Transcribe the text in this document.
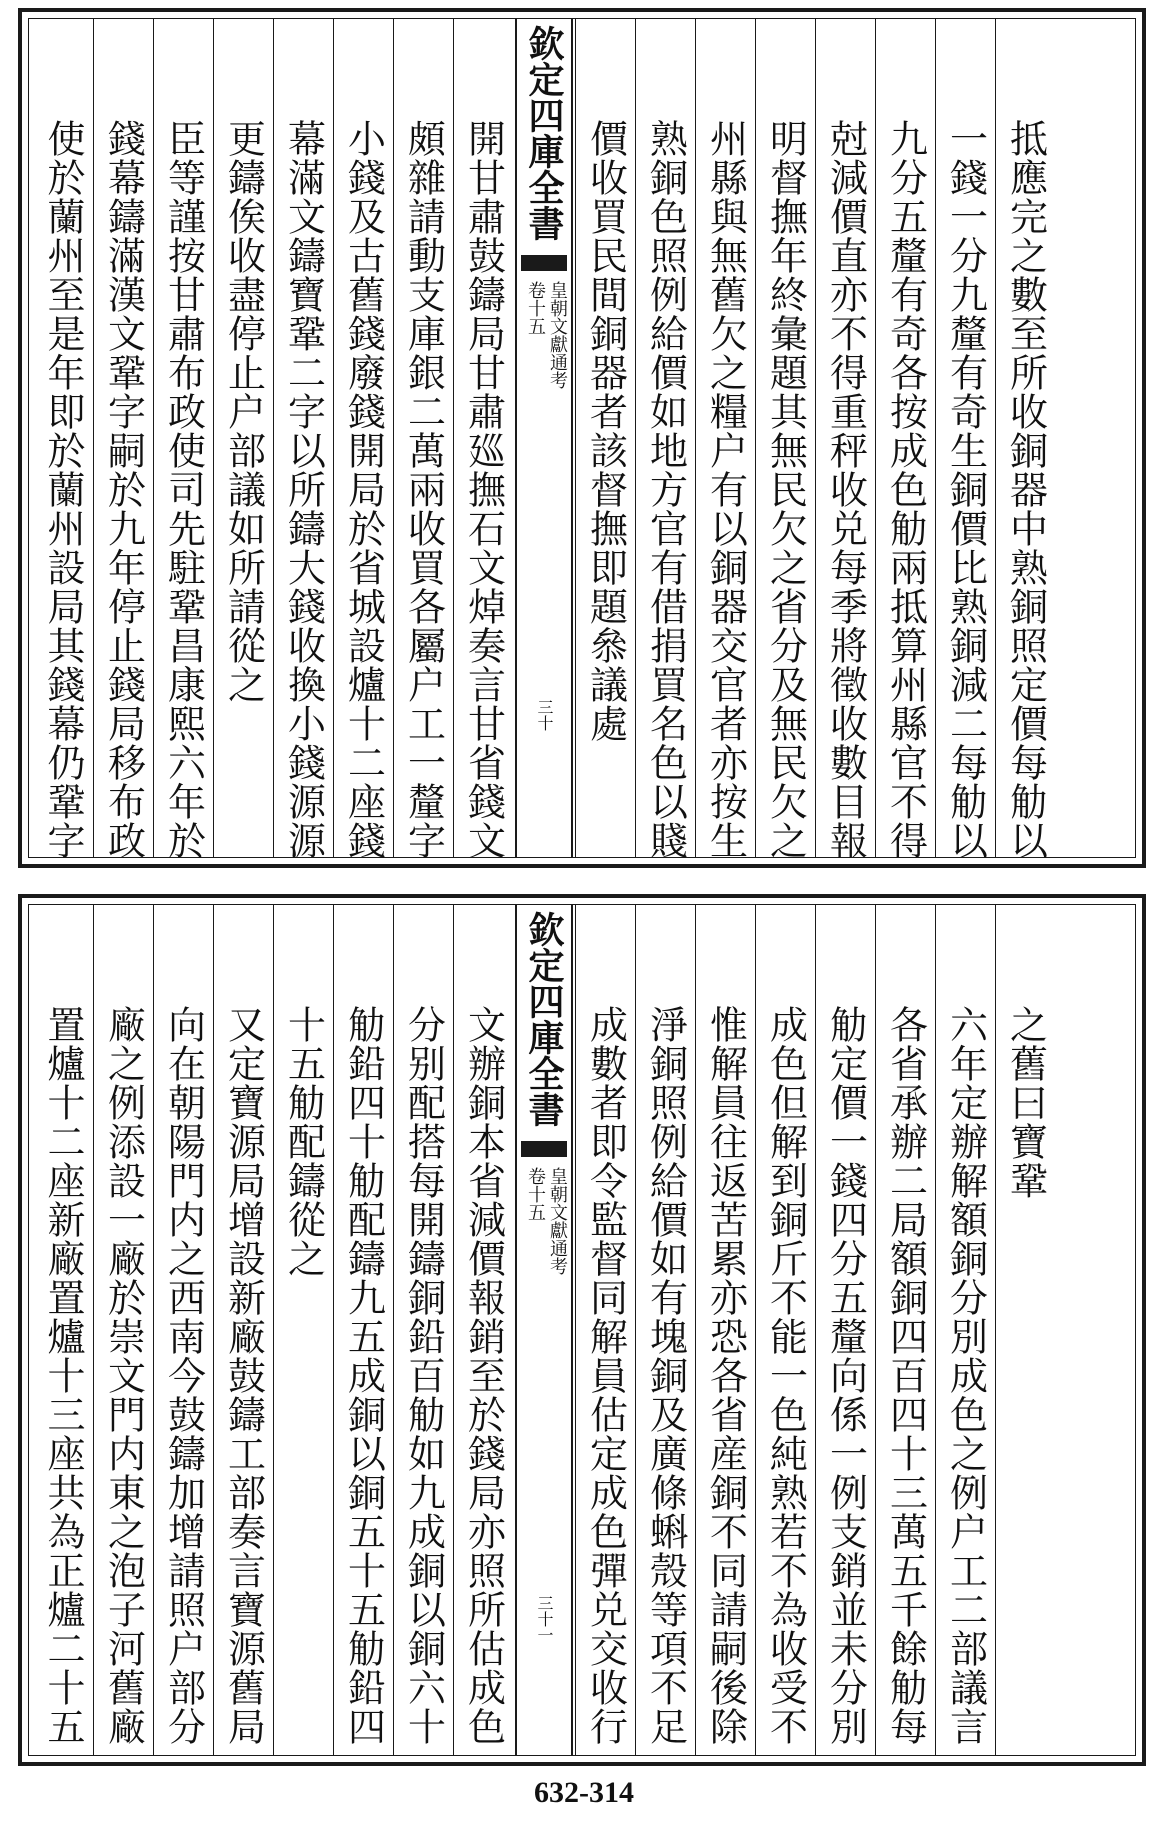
使於蘭州至是年即於蘭州設局其錢幕仍鞏字 錢幕鑄滿漢文鞏字嗣於九年停止錢局移布政 臣等謹按甘肅布政使司先駐鞏昌康熙六年於 更鑄俟收盡停止户部議如所請從之 幕滿文鑄寶鞏二字以所鑄大錢收換小錢源源 小錢及古舊錢廢錢開局於省城設爐十二座錢 頗雜請動支庫銀二萬兩收買各屬户工一釐字 開甘肅鼓鑄局甘肅廵撫石文焯奏言甘省錢文 欽定四庫全書
皇朝文獻通考
卷十五
三十 價收買民間銅器者該督撫即題叅議處 熟銅色照例給價如地方官有借捐買名色以賤 州縣與無舊欠之糧户有以銅器交官者亦按生 明督撫年終彙題其無民欠之省分及無民欠之 尅減價直亦不得重秤收兑每季將徵收數目報 九分五釐有奇各按成色觔兩抵算州縣官不得 一錢一分九釐有奇生銅價比熟銅減二每觔以 抵應完之數至所收銅器中熟銅照定價每觔以
置爐十二座新廠置爐十三座共為正爐二十五 廠之例添設一廠於崇文門内東之泡子河舊廠 向在朝陽門内之西南今鼓鑄加增請照户部分 又定寶源局增設新廠鼓鑄工部奏言寶源舊局 十五觔配鑄從之 觔鉛四十觔配鑄九五成銅以銅五十五觔鉛四 分别配搭每開鑄銅鉛百觔如九成銅以銅六十 文辦銅本省減價報銷至於錢局亦照所估成色 欽定四庫全書
皇朝文獻通考
卷十五
三十一 成數者即令監督同解員估定成色彈兑交收行 淨銅照例給價如有塊銅及廣條蝌殼等項不足 惟解員往返苦累亦恐各省産銅不同請嗣後除 成色但解到銅斤不能一色純熟若不為收受不 觔定價一錢四分五釐向係一例支銷並未分別 各省承辦二局額銅四百四十三萬五千餘觔每 六年定辦解額銅分別成色之例户工二部議言 之舊曰寶鞏
632-314
